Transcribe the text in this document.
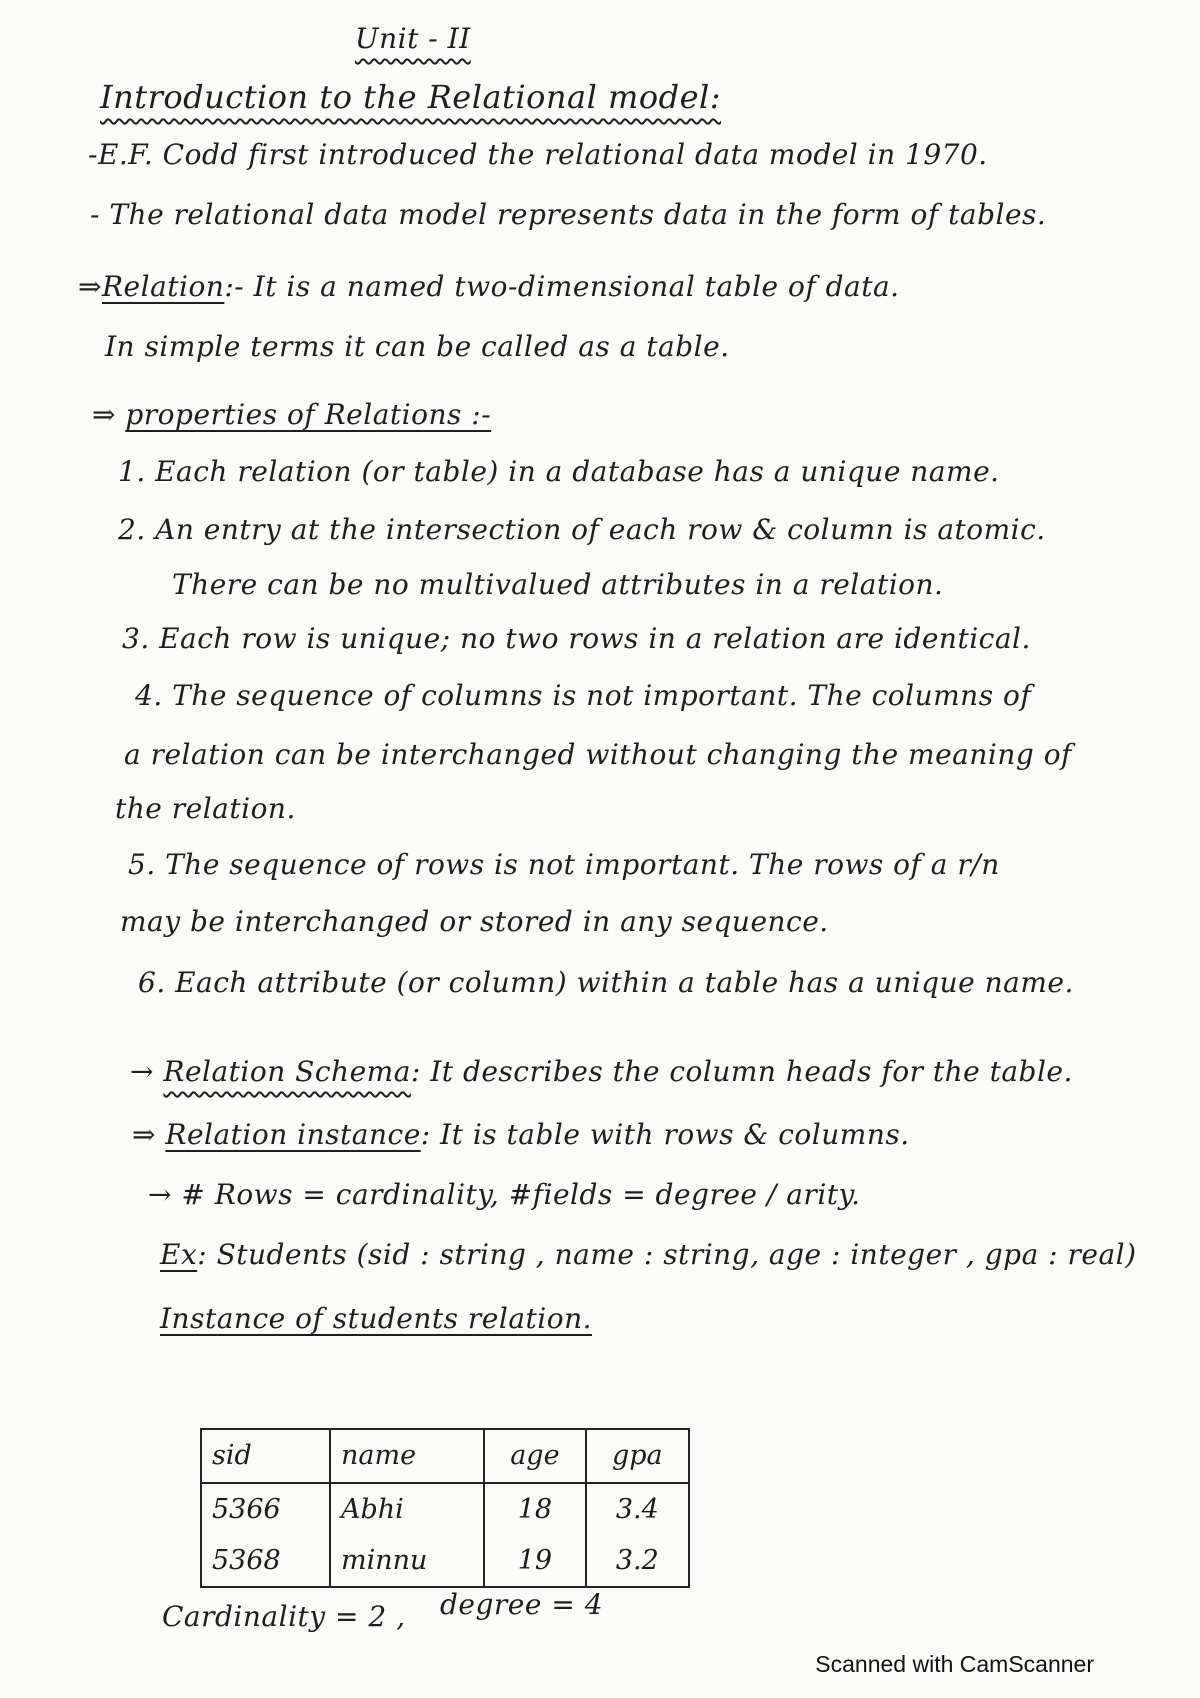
Unit - II
Introduction to the Relational model:
-E.F. Codd first introduced the relational data model in 1970.
- The relational data model represents data in the form of tables.
⇒Relation:- It is a named two-dimensional table of data.
In simple terms it can be called as a table.
⇒ properties of Relations :-
1. Each relation (or table) in a database has a unique name.
2. An entry at the intersection of each row & column is atomic.
There can be no multivalued attributes in a relation.
3. Each row is unique; no two rows in a relation are identical.
4. The sequence of columns is not important. The columns of
a relation can be interchanged without changing the meaning of
the relation.
5. The sequence of rows is not important. The rows of a r/n
may be interchanged or stored in any sequence.
6. Each attribute (or column) within a table has a unique name.
→ Relation Schema: It describes the column heads for the table.
⇒ Relation instance: It is table with rows & columns.
→ # Rows = cardinality, #fields = degree / arity.
Ex: Students (sid : string , name : string, age : integer , gpa : real)
Instance of students relation.
sid	name	age	gpa
5366	Abhi	18	3.4
5368	minnu	19	3.2
Cardinality = 2 , degree = 4
Scanned with CamScanner
